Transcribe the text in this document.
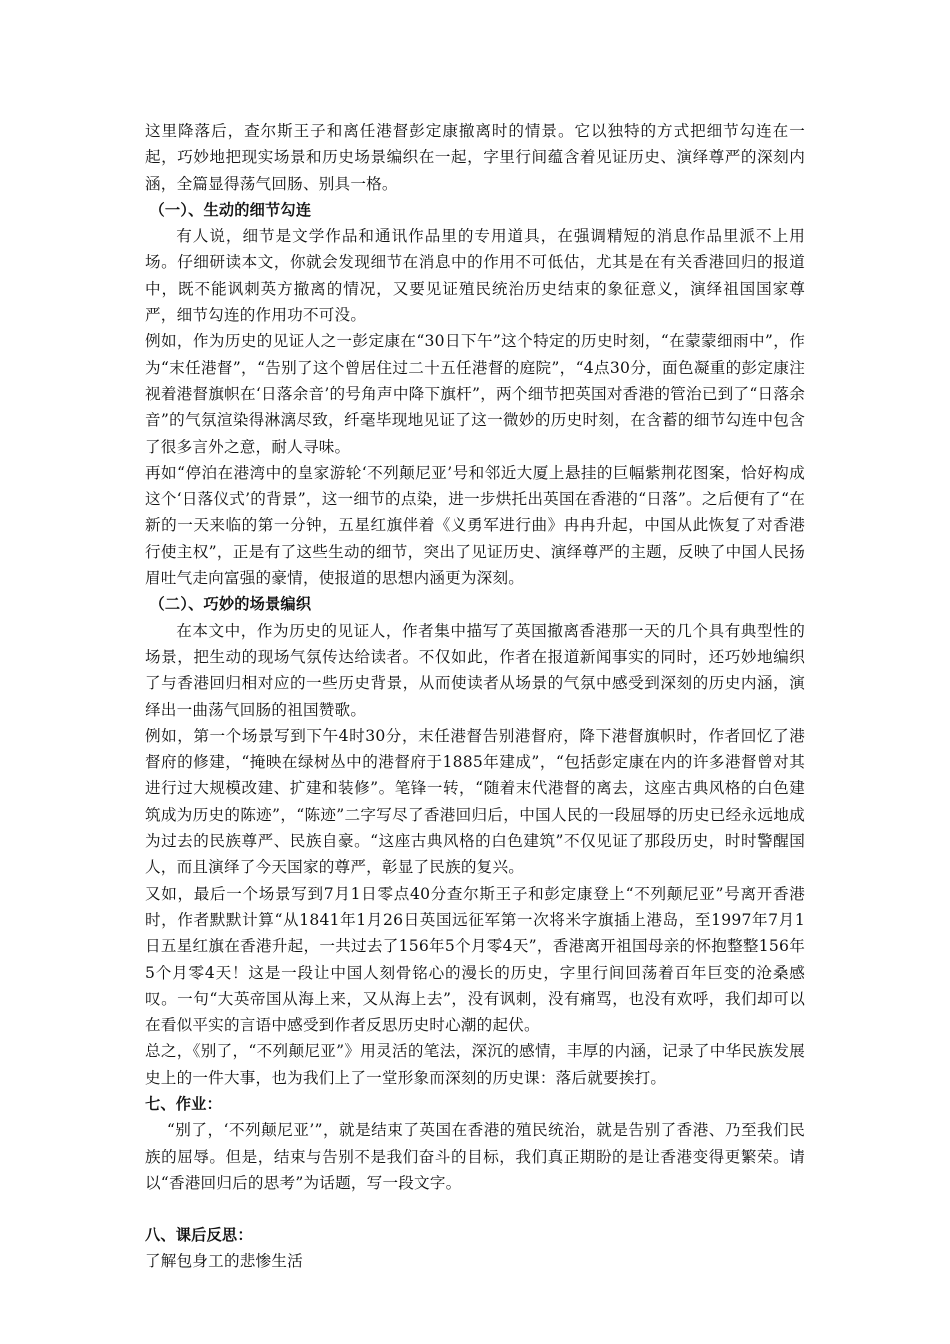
这里降落后，查尔斯王子和离任港督彭定康撤离时的情景。它以独特的方式把细节勾连在一起，巧妙地把现实场景和历史场景编织在一起，字里行间蕴含着见证历史、演绎尊严的深刻内涵，全篇显得荡气回肠、别具一格。

（一）、生动的细节勾连

有人说，细节是文学作品和通讯作品里的专用道具，在强调精短的消息作品里派不上用场。仔细研读本文，你就会发现细节在消息中的作用不可低估，尤其是在有关香港回归的报道中，既不能讽刺英方撤离的情况，又要见证殖民统治历史结束的象征意义，演绎祖国国家尊严，细节勾连的作用功不可没。

例如，作为历史的见证人之一彭定康在“30日下午”这个特定的历史时刻，“在蒙蒙细雨中”，作为“末任港督”，“告别了这个曾居住过二十五任港督的庭院”，“4点30分，面色凝重的彭定康注视着港督旗帜在‘日落余音’的号角声中降下旗杆”，两个细节把英国对香港的管治已到了“日落余音”的气氛渲染得淋漓尽致，纤毫毕现地见证了这一微妙的历史时刻，在含蓄的细节勾连中包含了很多言外之意，耐人寻味。

再如“停泊在港湾中的皇家游轮‘不列颠尼亚’号和邻近大厦上悬挂的巨幅紫荆花图案，恰好构成这个‘日落仪式’的背景”，这一细节的点染，进一步烘托出英国在香港的“日落”。之后便有了“在新的一天来临的第一分钟，五星红旗伴着《义勇军进行曲》冉冉升起，中国从此恢复了对香港行使主权”，正是有了这些生动的细节，突出了见证历史、演绎尊严的主题，反映了中国人民扬眉吐气走向富强的豪情，使报道的思想内涵更为深刻。

（二）、巧妙的场景编织

在本文中，作为历史的见证人，作者集中描写了英国撤离香港那一天的几个具有典型性的场景，把生动的现场气氛传达给读者。不仅如此，作者在报道新闻事实的同时，还巧妙地编织了与香港回归相对应的一些历史背景，从而使读者从场景的气氛中感受到深刻的历史内涵，演绎出一曲荡气回肠的祖国赞歌。

例如，第一个场景写到下午4时30分，末任港督告别港督府，降下港督旗帜时，作者回忆了港督府的修建，“掩映在绿树丛中的港督府于1885年建成”，“包括彭定康在内的许多港督曾对其进行过大规模改建、扩建和装修”。笔锋一转，“随着末代港督的离去，这座古典风格的白色建筑成为历史的陈迹”，“陈迹”二字写尽了香港回归后，中国人民的一段屈辱的历史已经永远地成为过去的民族尊严、民族自豪。“这座古典风格的白色建筑”不仅见证了那段历史，时时警醒国人，而且演绎了今天国家的尊严，彰显了民族的复兴。

又如，最后一个场景写到7月1日零点40分查尔斯王子和彭定康登上“不列颠尼亚”号离开香港时，作者默默计算“从1841年1月26日英国远征军第一次将米字旗插上港岛，至1997年7月1日五星红旗在香港升起，一共过去了156年5个月零4天”，香港离开祖国母亲的怀抱整整156年5个月零4天！这是一段让中国人刻骨铭心的漫长的历史，字里行间回荡着百年巨变的沧桑感叹。一句“大英帝国从海上来，又从海上去”，没有讽刺，没有痛骂，也没有欢呼，我们却可以在看似平实的言语中感受到作者反思历史时心潮的起伏。

总之，《别了，“不列颠尼亚”》用灵活的笔法，深沉的感情，丰厚的内涵，记录了中华民族发展史上的一件大事，也为我们上了一堂形象而深刻的历史课：落后就要挨打。

七、作业：

“别了，‘不列颠尼亚’”，就是结束了英国在香港的殖民统治，就是告别了香港、乃至我们民族的屈辱。但是，结束与告别不是我们奋斗的目标，我们真正期盼的是让香港变得更繁荣。请以“香港回归后的思考”为话题，写一段文字。

八、课后反思：

了解包身工的悲惨生活
